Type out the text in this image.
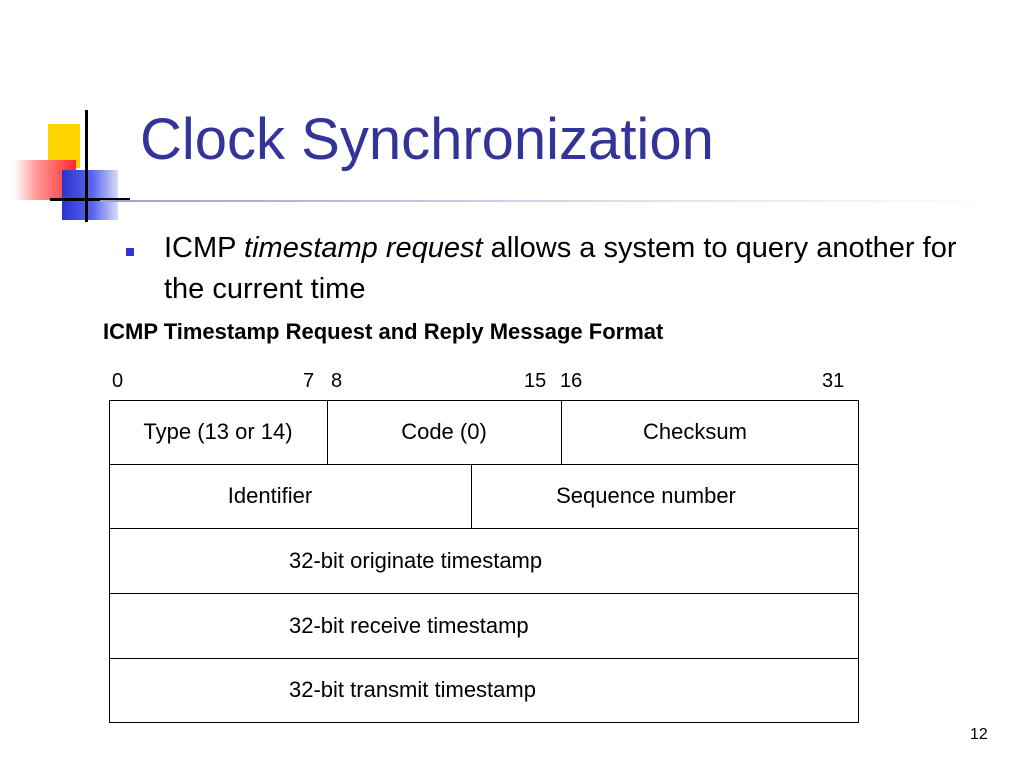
Clock Synchronization
ICMP timestamp request allows a system to query another for the current time
ICMP Timestamp Request and Reply Message Format
0	7 8	15 16	31
Type (13 or 14)	Code (0)	Checksum
Identifier	Sequence number
32-bit originate timestamp
32-bit receive timestamp
32-bit transmit timestamp
12
